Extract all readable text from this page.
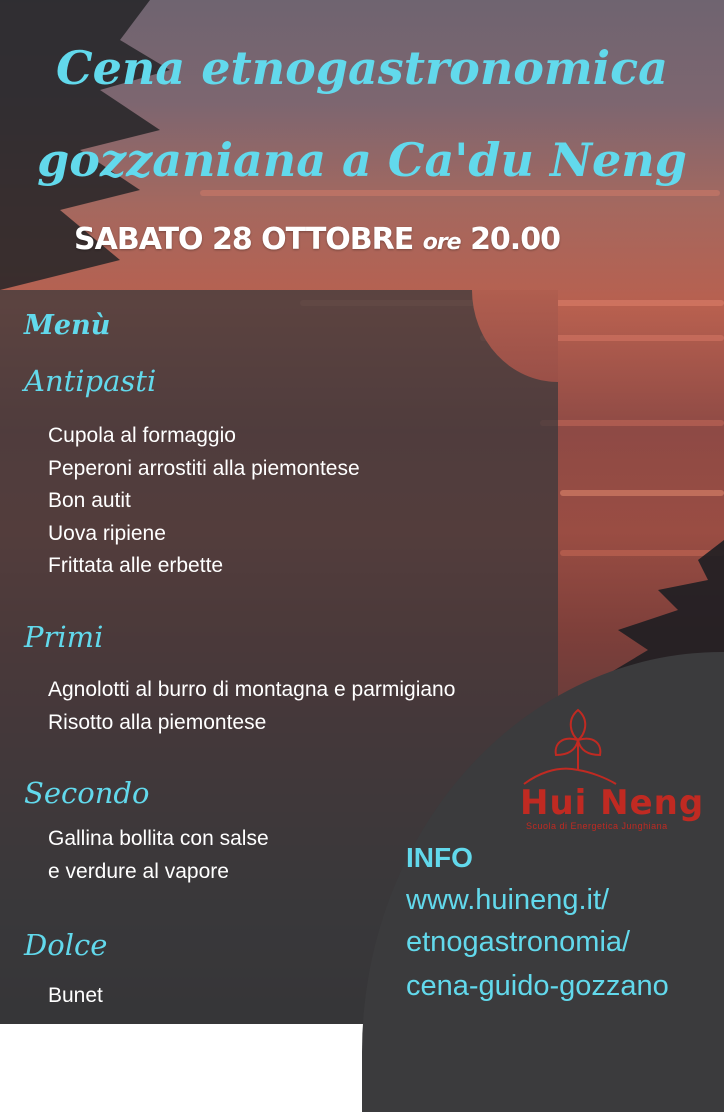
Cena etnogastronomica
gozzaniana a Ca'du Neng
SABATO 28 OTTOBRE ore 20.00
Menù
Antipasti
Cupola al formaggio
Peperoni arrostiti alla piemontese
Bon autit
Uova ripiene
Frittata alle erbette
Primi
Agnolotti al burro di montagna e parmigiano
Risotto alla piemontese
Secondo
Gallina bollita con salse
e verdure al vapore
Dolce
Bunet
Hui Neng
Scuola di Energetica Junghiana
INFO
www.huineng.it/
etnogastronomia/
cena-guido-gozzano
